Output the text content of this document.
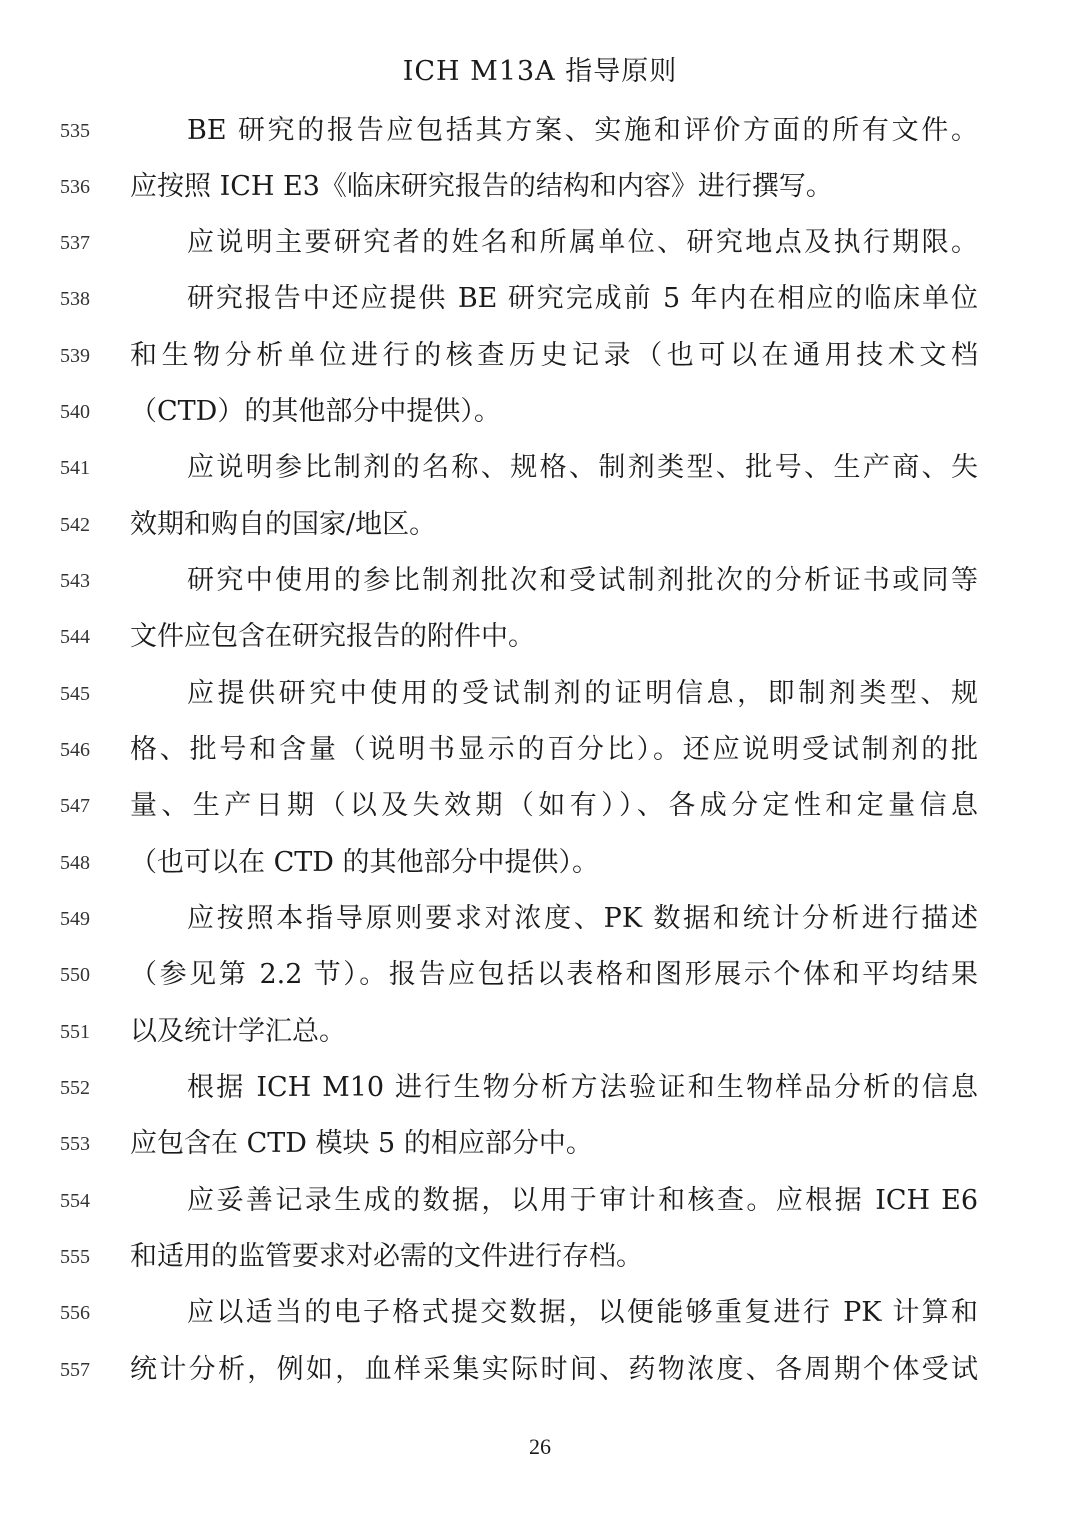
ICH M13A 指导原则
535	BE 研究的报告应包括其方案、实施和评价方面的所有文件。
536	应按照 ICH E3《临床研究报告的结构和内容》进行撰写。
537	应说明主要研究者的姓名和所属单位、研究地点及执行期限。
538	研究报告中还应提供 BE 研究完成前 5 年内在相应的临床单位
539	和生物分析单位进行的核查历史记录（也可以在通用技术文档
540	（CTD）的其他部分中提供）。
541	应说明参比制剂的名称、规格、制剂类型、批号、生产商、失
542	效期和购自的国家/地区。
543	研究中使用的参比制剂批次和受试制剂批次的分析证书或同等
544	文件应包含在研究报告的附件中。
545	应提供研究中使用的受试制剂的证明信息，即制剂类型、规
546	格、批号和含量（说明书显示的百分比）。还应说明受试制剂的批
547	量、生产日期（以及失效期（如有））、各成分定性和定量信息
548	（也可以在 CTD 的其他部分中提供）。
549	应按照本指导原则要求对浓度、PK 数据和统计分析进行描述
550	（参见第 2.2 节）。报告应包括以表格和图形展示个体和平均结果
551	以及统计学汇总。
552	根据 ICH M10 进行生物分析方法验证和生物样品分析的信息
553	应包含在 CTD 模块 5 的相应部分中。
554	应妥善记录生成的数据，以用于审计和核查。应根据 ICH E6
555	和适用的监管要求对必需的文件进行存档。
556	应以适当的电子格式提交数据，以便能够重复进行 PK 计算和
557	统计分析，例如，血样采集实际时间、药物浓度、各周期个体受试
26
